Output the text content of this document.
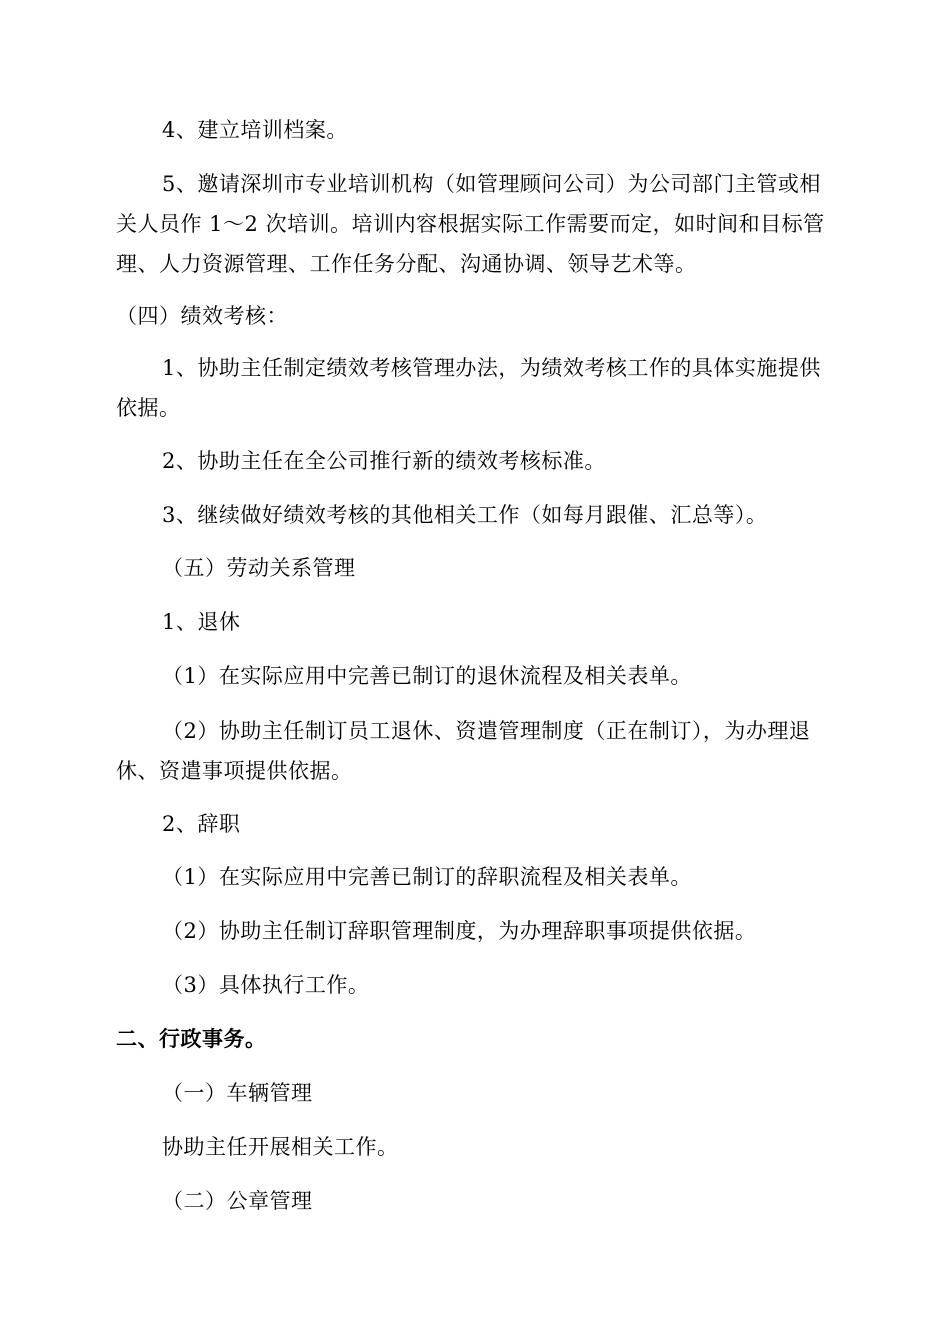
4、建立培训档案。

5、邀请深圳市专业培训机构（如管理顾问公司）为公司部门主管或相关人员作 1～2 次培训。培训内容根据实际工作需要而定，如时间和目标管理、人力资源管理、工作任务分配、沟通协调、领导艺术等。

（四）绩效考核：

1、协助主任制定绩效考核管理办法，为绩效考核工作的具体实施提供依据。

2、协助主任在全公司推行新的绩效考核标准。

3、继续做好绩效考核的其他相关工作（如每月跟催、汇总等）。

（五）劳动关系管理

1、退休

（1）在实际应用中完善已制订的退休流程及相关表单。

（2）协助主任制订员工退休、资遣管理制度（正在制订），为办理退休、资遣事项提供依据。

2、辞职

（1）在实际应用中完善已制订的辞职流程及相关表单。

（2）协助主任制订辞职管理制度，为办理辞职事项提供依据。

（3）具体执行工作。

二、行政事务。

（一）车辆管理

协助主任开展相关工作。

（二）公章管理
